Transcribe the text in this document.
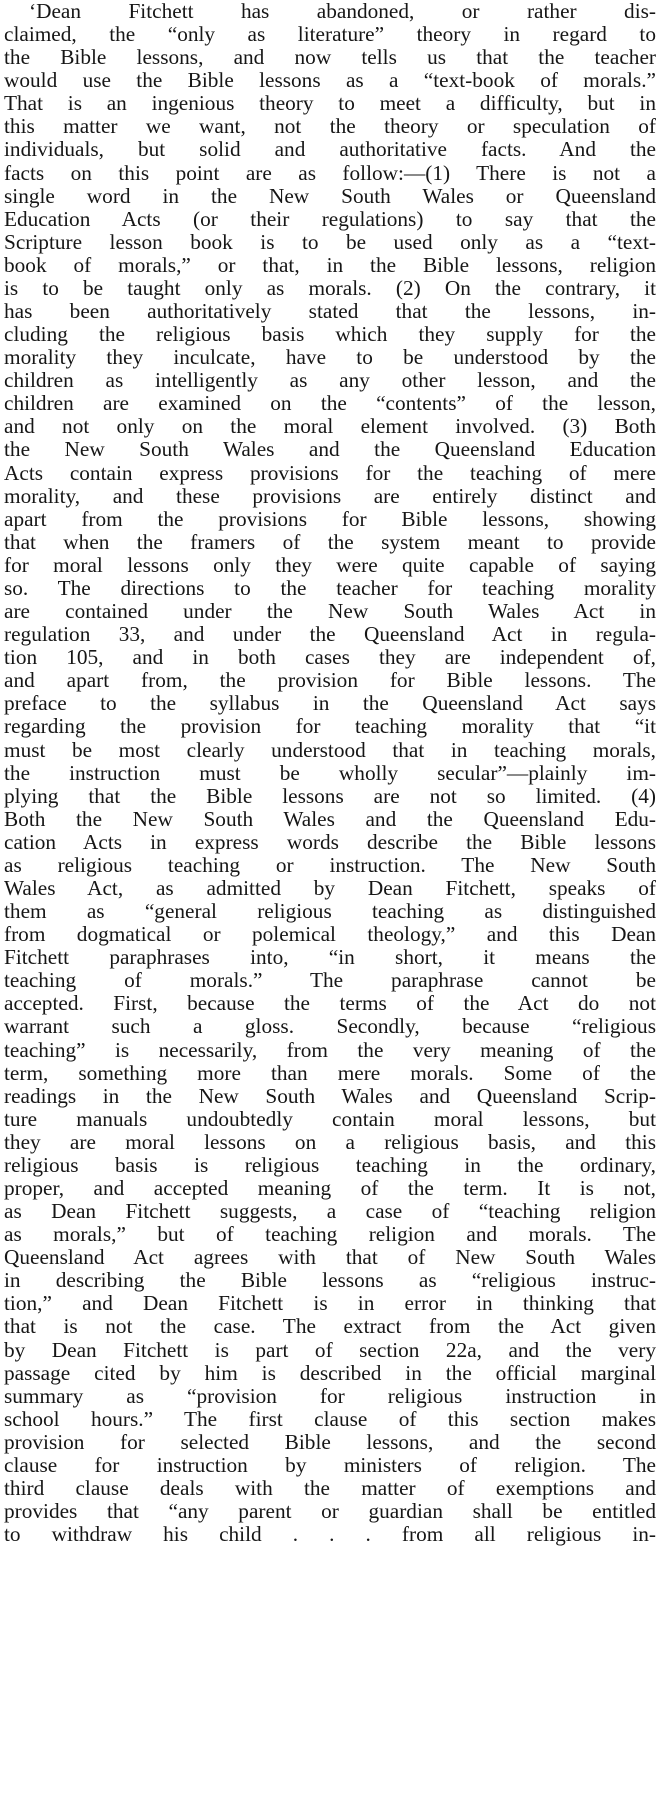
‘Dean Fitchett has abandoned, or rather dis-
claimed, the “only as literature” theory in regard to
the Bible lessons, and now tells us that the teacher
would use the Bible lessons as a “text-book of morals.”
That is an ingenious theory to meet a difficulty, but in
this matter we want, not the theory or speculation of
individuals, but solid and authoritative facts. And the
facts on this point are as follow:—(1) There is not a
single word in the New South Wales or Queensland
Education Acts (or their regulations) to say that the
Scripture lesson book is to be used only as a “text-
book of morals,” or that, in the Bible lessons, religion
is to be taught only as morals. (2) On the contrary, it
has been authoritatively stated that the lessons, in-
cluding the religious basis which they supply for the
morality they inculcate, have to be understood by the
children as intelligently as any other lesson, and the
children are examined on the “contents” of the lesson,
and not only on the moral element involved. (3) Both
the New South Wales and the Queensland Education
Acts contain express provisions for the teaching of mere
morality, and these provisions are entirely distinct and
apart from the provisions for Bible lessons, showing
that when the framers of the system meant to provide
for moral lessons only they were quite capable of saying
so. The directions to the teacher for teaching morality
are contained under the New South Wales Act in
regulation 33, and under the Queensland Act in regula-
tion 105, and in both cases they are independent of,
and apart from, the provision for Bible lessons. The
preface to the syllabus in the Queensland Act says
regarding the provision for teaching morality that “it
must be most clearly understood that in teaching morals,
the instruction must be wholly secular”—plainly im-
plying that the Bible lessons are not so limited. (4)
Both the New South Wales and the Queensland Edu-
cation Acts in express words describe the Bible lessons
as religious teaching or instruction. The New South
Wales Act, as admitted by Dean Fitchett, speaks of
them as “general religious teaching as distinguished
from dogmatical or polemical theology,” and this Dean
Fitchett paraphrases into, “in short, it means the
teaching of morals.” The paraphrase cannot be
accepted. First, because the terms of the Act do not
warrant such a gloss. Secondly, because “religious
teaching” is necessarily, from the very meaning of the
term, something more than mere morals. Some of the
readings in the New South Wales and Queensland Scrip-
ture manuals undoubtedly contain moral lessons, but
they are moral lessons on a religious basis, and this
religious basis is religious teaching in the ordinary,
proper, and accepted meaning of the term. It is not,
as Dean Fitchett suggests, a case of “teaching religion
as morals,” but of teaching religion and morals. The
Queensland Act agrees with that of New South Wales
in describing the Bible lessons as “religious instruc-
tion,” and Dean Fitchett is in error in thinking that
that is not the case. The extract from the Act given
by Dean Fitchett is part of section 22a, and the very
passage cited by him is described in the official marginal
summary as “provision for religious instruction in
school hours.” The first clause of this section makes
provision for selected Bible lessons, and the second
clause for instruction by ministers of religion. The
third clause deals with the matter of exemptions and
provides that “any parent or guardian shall be entitled
to withdraw his child . . . from all religious in-
